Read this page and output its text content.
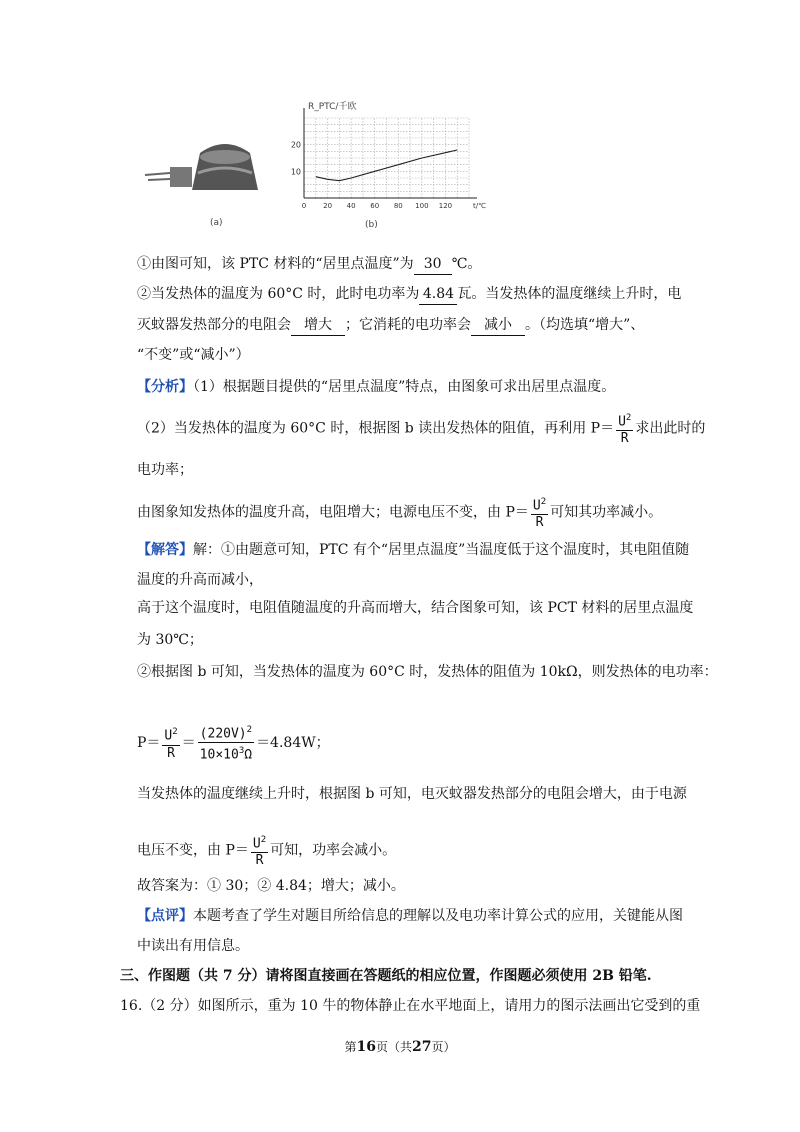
(a)
R_PTC/千欧
20
10
0 20 40 60 80 100 120	t/℃
(b)
①由图可知，该 PTC 材料的“居里点温度”为 30 ℃。
②当发热体的温度为 60°C 时，此时电功率为 4.84 瓦。当发热体的温度继续上升时，电
灭蚊器发热部分的电阻会 增大 ；它消耗的电功率会 减小 。（均选填“增大”、
“不变”或“减小”）
【分析】（1）根据题目提供的“居里点温度”特点，由图象可求出居里点温度。
（2）当发热体的温度为 60°C 时，根据图 b 读出发热体的阻值，再利用 $P= \frac{U^2}{R}$ 求出此时的
电功率；
由图象知发热体的温度升高，电阻增大；电源电压不变，由 $P= \frac{U^2}{R}$ 可知其功率减小。
【解答】解：①由题意可知，PTC 有个“居里点温度”当温度低于这个温度时，其电阻值随
温度的升高而减小，
高于这个温度时，电阻值随温度的升高而增大，结合图象可知，该 PCT 材料的居里点温度
为 30℃；
②根据图 b 可知，当发热体的温度为 60°C 时，发热体的阻值为 10kΩ，则发热体的电功率：
$P= \frac{U^2}{R} = \frac{(220V)^2}{10\times 10^3\Omega} =4.84W$；
当发热体的温度继续上升时，根据图 b 可知，电灭蚊器发热部分的电阻会增大，由于电源
电压不变，由 $P= \frac{U^2}{R}$ 可知，功率会减小。
故答案为：① 30；② 4.84；增大；减小。
【点评】本题考查了学生对题目所给信息的理解以及电功率计算公式的应用，关键能从图
中读出有用信息。
三、作图题（共 7 分）请将图直接画在答题纸的相应位置，作图题必须使用 2B 铅笔.
16.（2 分）如图所示，重为 10 牛的物体静止在水平地面上，请用力的图示法画出它受到的重
第16页（共27页）
